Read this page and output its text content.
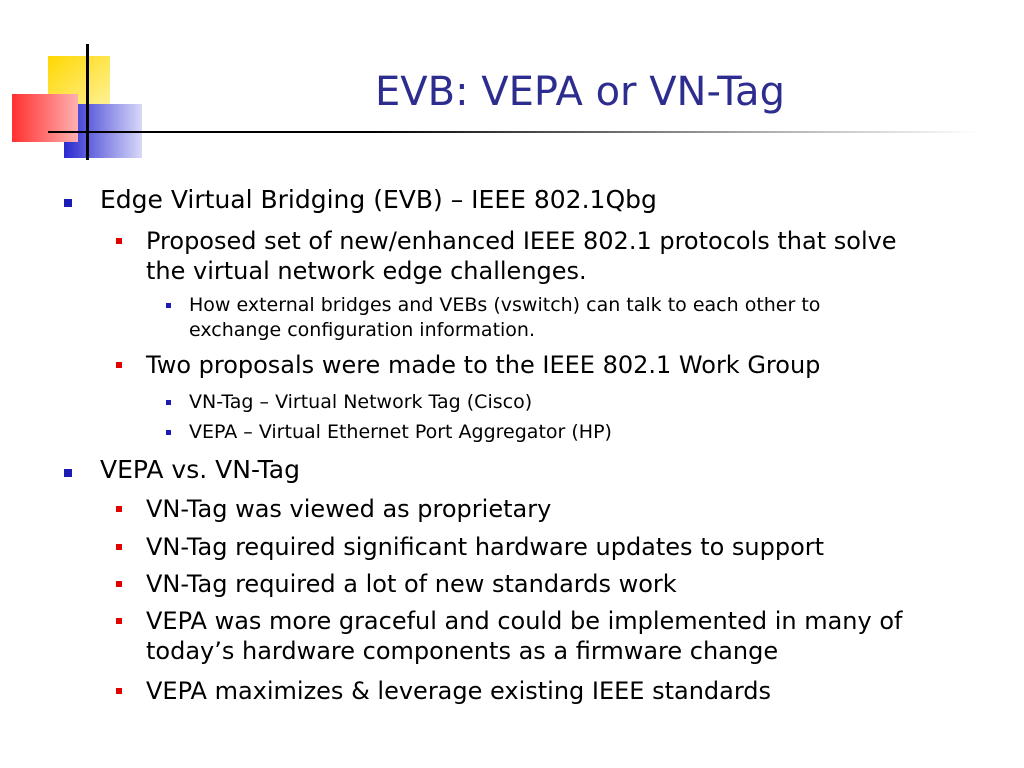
EVB: VEPA or VN-Tag
Edge Virtual Bridging (EVB) – IEEE 802.1Qbg
Proposed set of new/enhanced IEEE 802.1 protocols that solve
the virtual network edge challenges.
How external bridges and VEBs (vswitch) can talk to each other to
exchange configuration information.
Two proposals were made to the IEEE 802.1 Work Group
VN-Tag – Virtual Network Tag (Cisco)
VEPA – Virtual Ethernet Port Aggregator (HP)
VEPA vs. VN-Tag
VN-Tag was viewed as proprietary
VN-Tag required significant hardware updates to support
VN-Tag required a lot of new standards work
VEPA was more graceful and could be implemented in many of
today’s hardware components as a firmware change
VEPA maximizes & leverage existing IEEE standards
